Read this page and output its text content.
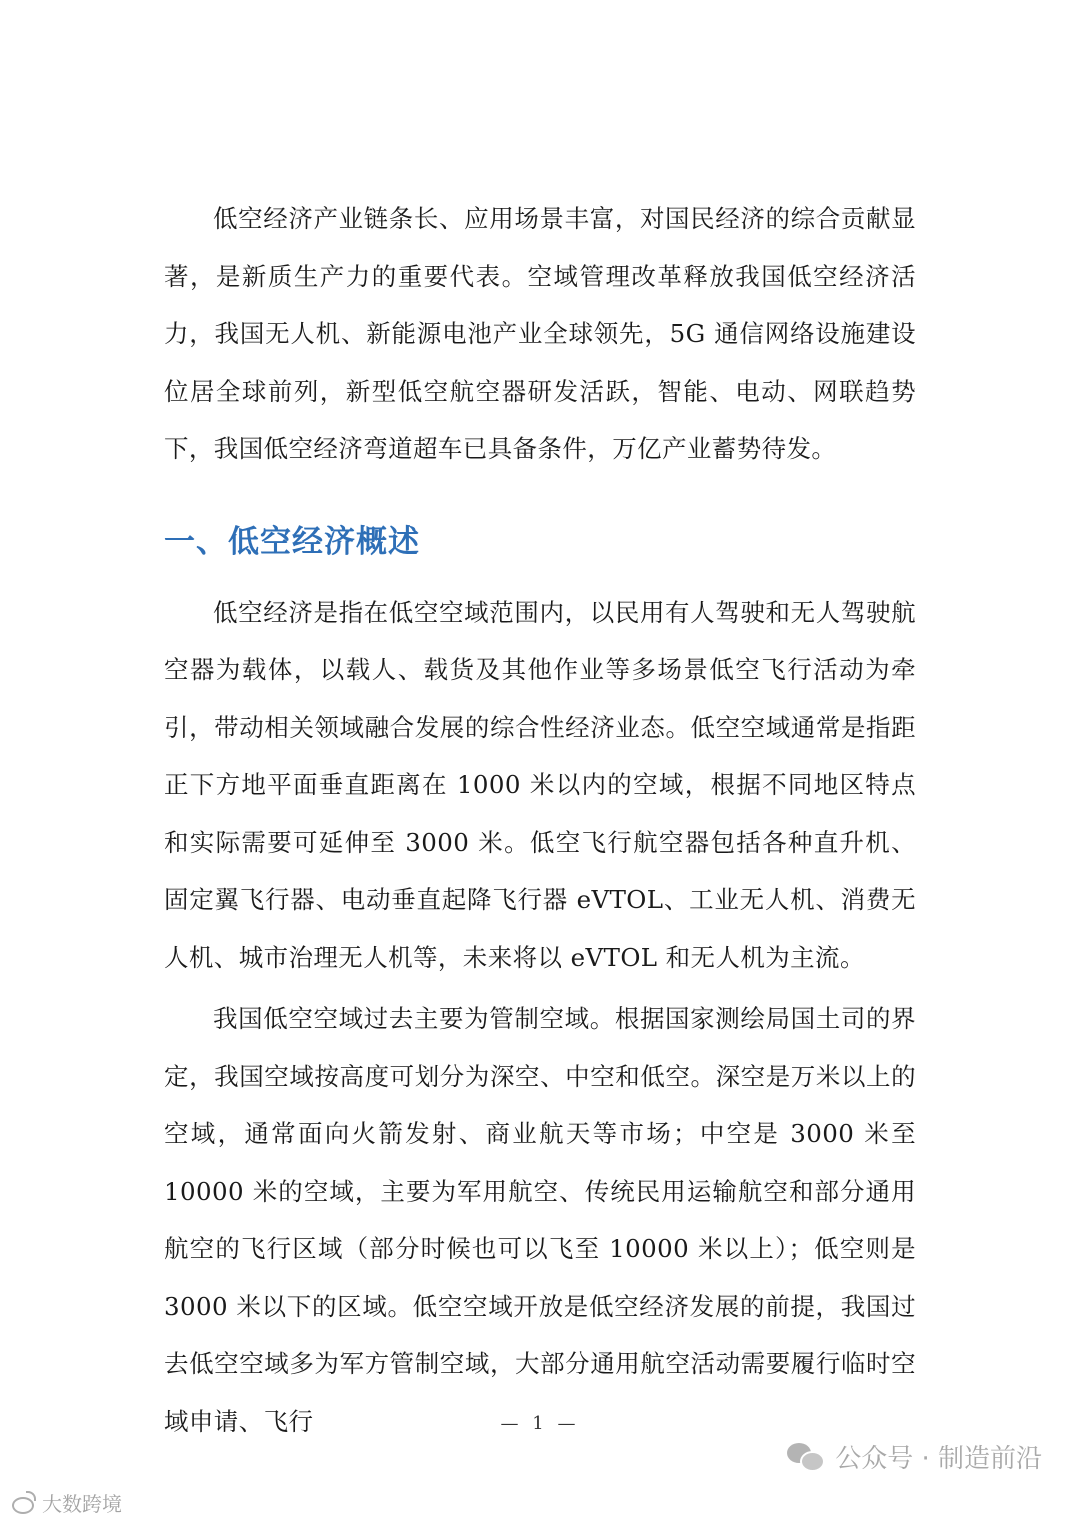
低空经济产业链条长、应用场景丰富，对国民经济的综合贡献显著，是新质生产力的重要代表。空域管理改革释放我国低空经济活力，我国无人机、新能源电池产业全球领先，5G 通信网络设施建设位居全球前列，新型低空航空器研发活跃，智能、电动、网联趋势下，我国低空经济弯道超车已具备条件，万亿产业蓄势待发。

一、低空经济概述

低空经济是指在低空空域范围内，以民用有人驾驶和无人驾驶航空器为载体，以载人、载货及其他作业等多场景低空飞行活动为牵引，带动相关领域融合发展的综合性经济业态。低空空域通常是指距正下方地平面垂直距离在 1000 米以内的空域，根据不同地区特点和实际需要可延伸至 3000 米。低空飞行航空器包括各种直升机、固定翼飞行器、电动垂直起降飞行器 eVTOL、工业无人机、消费无人机、城市治理无人机等，未来将以 eVTOL 和无人机为主流。

我国低空空域过去主要为管制空域。根据国家测绘局国土司的界定，我国空域按高度可划分为深空、中空和低空。深空是万米以上的空域，通常面向火箭发射、商业航天等市场；中空是 3000 米至 10000 米的空域，主要为军用航空、传统民用运输航空和部分通用航空的飞行区域（部分时候也可以飞至 10000 米以上）；低空则是 3000 米以下的区域。低空空域开放是低空经济发展的前提，我国过去低空空域多为军方管制空域，大部分通用航空活动需要履行临时空域申请、飞行	— 1 —
公众号 · 制造前沿
大数跨境
